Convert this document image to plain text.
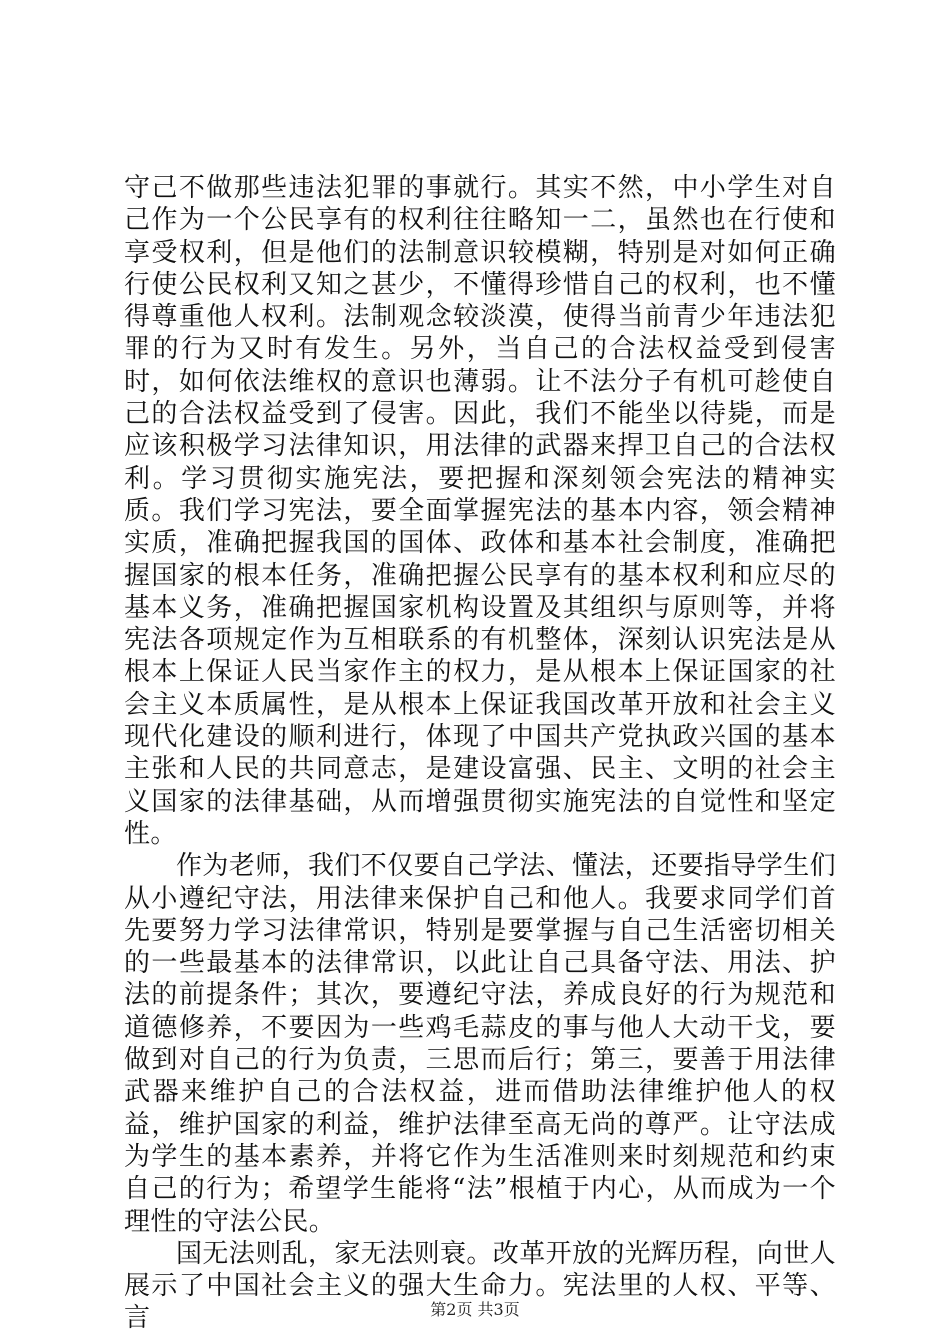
守己不做那些违法犯罪的事就行。其实不然，中小学生对自己作为一个公民享有的权利往往略知一二，虽然也在行使和享受权利，但是他们的法制意识较模糊，特别是对如何正确行使公民权利又知之甚少，不懂得珍惜自己的权利，也不懂得尊重他人权利。法制观念较淡漠，使得当前青少年违法犯罪的行为又时有发生。另外，当自己的合法权益受到侵害时，如何依法维权的意识也薄弱。让不法分子有机可趁使自己的合法权益受到了侵害。因此，我们不能坐以待毙，而是应该积极学习法律知识，用法律的武器来捍卫自己的合法权利。学习贯彻实施宪法，要把握和深刻领会宪法的精神实质。我们学习宪法，要全面掌握宪法的基本内容，领会精神实质，准确把握我国的国体、政体和基本社会制度，准确把握国家的根本任务，准确把握公民享有的基本权利和应尽的基本义务，准确把握国家机构设置及其组织与原则等，并将宪法各项规定作为互相联系的有机整体，深刻认识宪法是从根本上保证人民当家作主的权力，是从根本上保证国家的社会主义本质属性，是从根本上保证我国改革开放和社会主义现代化建设的顺利进行，体现了中国共产党执政兴国的基本主张和人民的共同意志，是建设富强、民主、文明的社会主义国家的法律基础，从而增强贯彻实施宪法的自觉性和坚定性。

作为老师，我们不仅要自己学法、懂法，还要指导学生们从小遵纪守法，用法律来保护自己和他人。我要求同学们首先要努力学习法律常识，特别是要掌握与自己生活密切相关的一些最基本的法律常识，以此让自己具备守法、用法、护法的前提条件；其次，要遵纪守法，养成良好的行为规范和道德修养，不要因为一些鸡毛蒜皮的事与他人大动干戈，要做到对自己的行为负责，三思而后行；第三，要善于用法律武器来维护自己的合法权益，进而借助法律维护他人的权益，维护国家的利益，维护法律至高无尚的尊严。让守法成为学生的基本素养，并将它作为生活准则来时刻规范和约束自己的行为；希望学生能将“法”根植于内心，从而成为一个理性的守法公民。

国无法则乱，家无法则衰。改革开放的光辉历程，向世人展示了中国社会主义的强大生命力。宪法里的人权、平等、言	第2页 共3页
